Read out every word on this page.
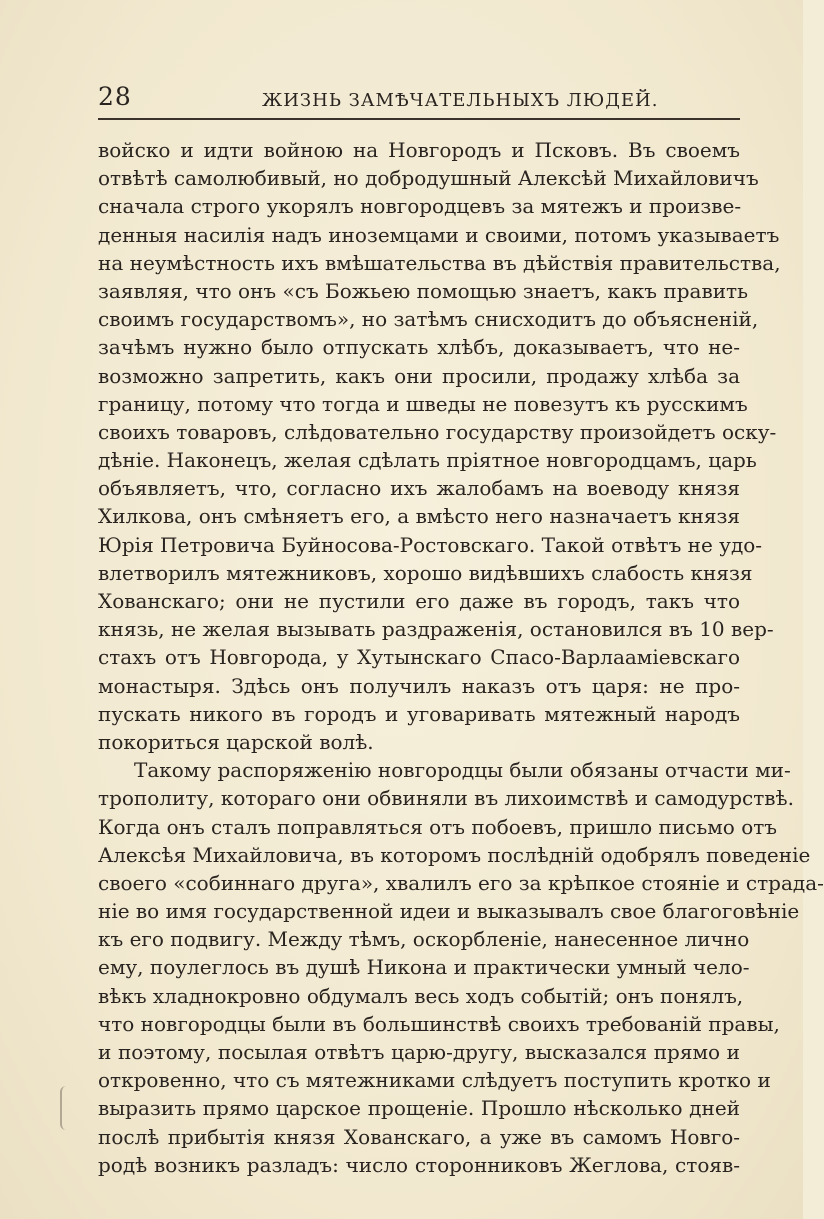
28	ЖИЗНЬ ЗАМѢЧАТЕЛЬНЫХЪ ЛЮДЕЙ.
войско и идти войною на Новгородъ и Псковъ. Въ своемъ
отвѣтѣ самолюбивый, но добродушный Алексѣй Михайловичъ
сначала строго укорялъ новгородцевъ за мятежъ и произве-
денныя насилія надъ иноземцами и своими, потомъ указываетъ
на неумѣстность ихъ вмѣшательства въ дѣйствія правительства,
заявляя, что онъ «съ Божьею помощью знаетъ, какъ править
своимъ государствомъ», но затѣмъ снисходитъ до объясненій,
зачѣмъ нужно было отпускать хлѣбъ, доказываетъ, что не-
возможно запретить, какъ они просили, продажу хлѣба за
границу, потому что тогда и шведы не повезутъ къ русскимъ
своихъ товаровъ, слѣдовательно государству произойдетъ оску-
дѣніе. Наконецъ, желая сдѣлать пріятное новгородцамъ, царь
объявляетъ, что, согласно ихъ жалобамъ на воеводу князя
Хилкова, онъ смѣняетъ его, а вмѣсто него назначаетъ князя
Юрія Петровича Буйносова-Ростовскаго. Такой отвѣтъ не удо-
влетворилъ мятежниковъ, хорошо видѣвшихъ слабость князя
Хованскаго; они не пустили его даже въ городъ, такъ что
князь, не желая вызывать раздраженія, остановился въ 10 вер-
стахъ отъ Новгорода, у Хутынскаго Спасо-Варлааміевскаго
монастыря. Здѣсь онъ получилъ наказъ отъ царя: не про-
пускать никого въ городъ и уговаривать мятежный народъ
покориться царской волѣ.
Такому распоряженію новгородцы были обязаны отчасти ми-
трополиту, котораго они обвиняли въ лихоимствѣ и самодурствѣ.
Когда онъ сталъ поправляться отъ побоевъ, пришло письмо отъ
Алексѣя Михайловича, въ которомъ послѣдній одобрялъ поведеніе
своего «собиннаго друга», хвалилъ его за крѣпкое стояніе и страда-
ніе во имя государственной идеи и выказывалъ свое благоговѣніе
къ его подвигу. Между тѣмъ, оскорбленіе, нанесенное лично
ему, поулеглось въ душѣ Никона и практически умный чело-
вѣкъ хладнокровно обдумалъ весь ходъ событій; онъ понялъ,
что новгородцы были въ большинствѣ своихъ требованій правы,
и поэтому, посылая отвѣтъ царю-другу, высказался прямо и
откровенно, что съ мятежниками слѣдуетъ поступить кротко и
выразить прямо царское прощеніе. Прошло нѣсколько дней
послѣ прибытія князя Хованскаго, а уже въ самомъ Новго-
родѣ возникъ разладъ: число сторонниковъ Жеглова, стояв-
